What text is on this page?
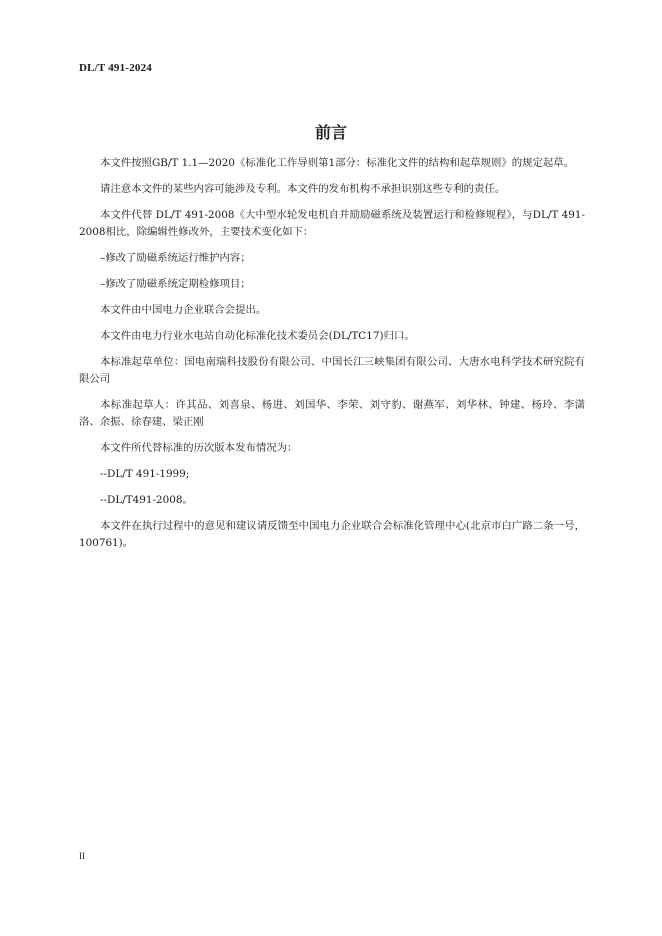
DL/T 491-2024
前言

本文件按照GB/T 1.1—2020《标准化工作导则第1部分：标准化文件的结构和起草规则》的规定起草。

请注意本文件的某些内容可能涉及专利。本文件的发布机构不承担识别这些专利的责任。

本文件代替 DL/T 491-2008《大中型水轮发电机自并励励磁系统及装置运行和检修规程》，与DL/T 491-2008相比，除编辑性修改外，主要技术变化如下：

–修改了励磁系统运行维护内容；

–修改了励磁系统定期检修项目；

本文件由中国电力企业联合会提出。

本文件由电力行业水电站自动化标准化技术委员会(DL/TC17)归口。

本标准起草单位：国电南瑞科技股份有限公司、中国长江三峡集团有限公司、大唐水电科学技术研究院有限公司

本标准起草人：许其品、刘喜泉、杨进、刘国华、李荣、刘守豹、谢燕军、刘华林、钟建、杨玲、李潇洛、余振、徐春建、梁正刚

本文件所代替标准的历次版本发布情况为：

--DL/T 491-1999;

--DL/T491-2008。

本文件在执行过程中的意见和建议请反馈至中国电力企业联合会标准化管理中心(北京市白广路二条一号，100761)。

II
